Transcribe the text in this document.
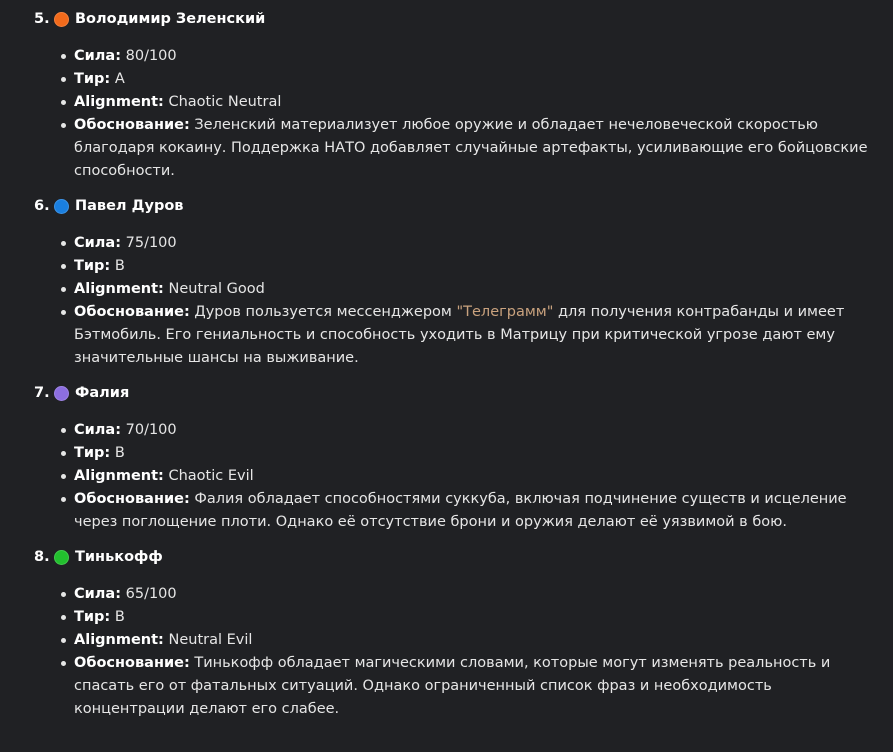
5. Володимир Зеленский
Сила: 80/100
Тир: A
Alignment: Chaotic Neutral
Обоснование: Зеленский материализует любое оружие и обладает нечеловеческой скоростью благодаря кокаину. Поддержка НАТО добавляет случайные артефакты, усиливающие его бойцовские способности.
6. Павел Дуров
Сила: 75/100
Тир: B
Alignment: Neutral Good
Обоснование: Дуров пользуется мессенджером "Телеграмм" для получения контрабанды и имеет Бэтмобиль. Его гениальность и способность уходить в Матрицу при критической угрозе дают ему значительные шансы на выживание.
7. Фалия
Сила: 70/100
Тир: B
Alignment: Chaotic Evil
Обоснование: Фалия обладает способностями суккуба, включая подчинение существ и исцеление через поглощение плоти. Однако её отсутствие брони и оружия делают её уязвимой в бою.
8. Тинькофф
Сила: 65/100
Тир: B
Alignment: Neutral Evil
Обоснование: Тинькофф обладает магическими словами, которые могут изменять реальность и спасать его от фатальных ситуаций. Однако ограниченный список фраз и необходимость концентрации делают его слабее.
